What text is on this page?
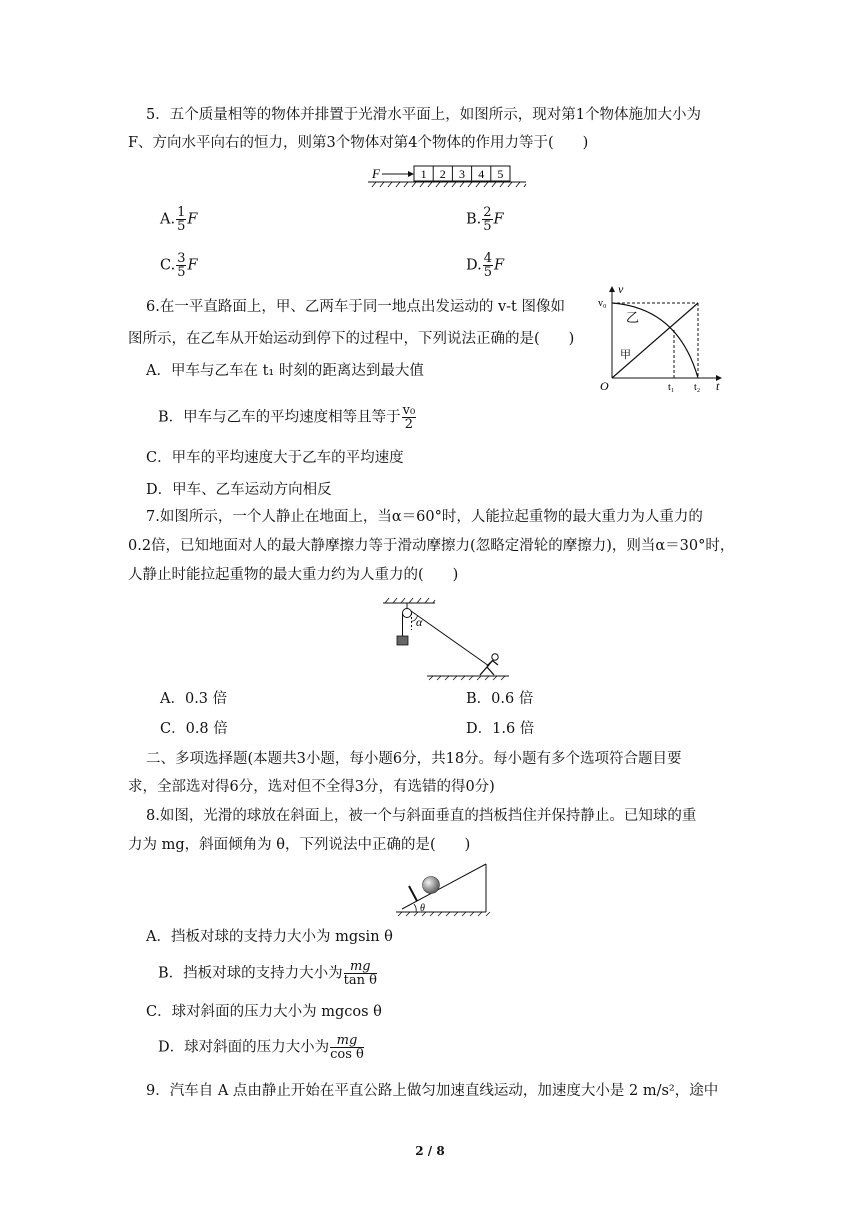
5．五个质量相等的物体并排置于光滑水平面上，如图所示，现对第1个物体施加大小为
F、方向水平向右的恒力，则第3个物体对第4个物体的作用力等于(　　)
F	1 2 3 4 5
A. $\frac{1}{5}$ F	B. $\frac{2}{5}$ F
C. $\frac{3}{5}$ F	D. $\frac{4}{5}$ F
6.在一平直路面上，甲、乙两车于同一地点出发运动的 v-t 图像如
图所示，在乙车从开始运动到停下的过程中，下列说法正确的是(　　)
A．甲车与乙车在 t₁ 时刻的距离达到最大值
B．甲车与乙车的平均速度相等且等于 $\frac{\text{v₀}}{2}$
C．甲车的平均速度大于乙车的平均速度
D．甲车、乙车运动方向相反
v
t
O
v₀
乙
甲
t₁ t₂
7.如图所示，一个人静止在地面上，当α＝60°时，人能拉起重物的最大重力为人重力的
0.2倍，已知地面对人的最大静摩擦力等于滑动摩擦力(忽略定滑轮的摩擦力)，则当α＝30°时，
人静止时能拉起重物的最大重力约为人重力的(　　)
α
A．0.3 倍	B．0.6 倍
C．0.8 倍	D．1.6 倍
二、多项选择题(本题共3小题，每小题6分，共18分。每小题有多个选项符合题目要
求，全部选对得6分，选对但不全得3分，有选错的得0分)
8.如图，光滑的球放在斜面上，被一个与斜面垂直的挡板挡住并保持静止。已知球的重
力为 mg，斜面倾角为 θ，下列说法中正确的是(　　)
θ
A．挡板对球的支持力大小为 mgsin θ
B．挡板对球的支持力大小为 $\frac{mg}{\text{tan θ}}$
C．球对斜面的压力大小为 mgcos θ
D．球对斜面的压力大小为 $\frac{mg}{\text{cos θ}}$
9．汽车自 A 点由静止开始在平直公路上做匀加速直线运动，加速度大小是 2 m/s²，途中
2 / 8
